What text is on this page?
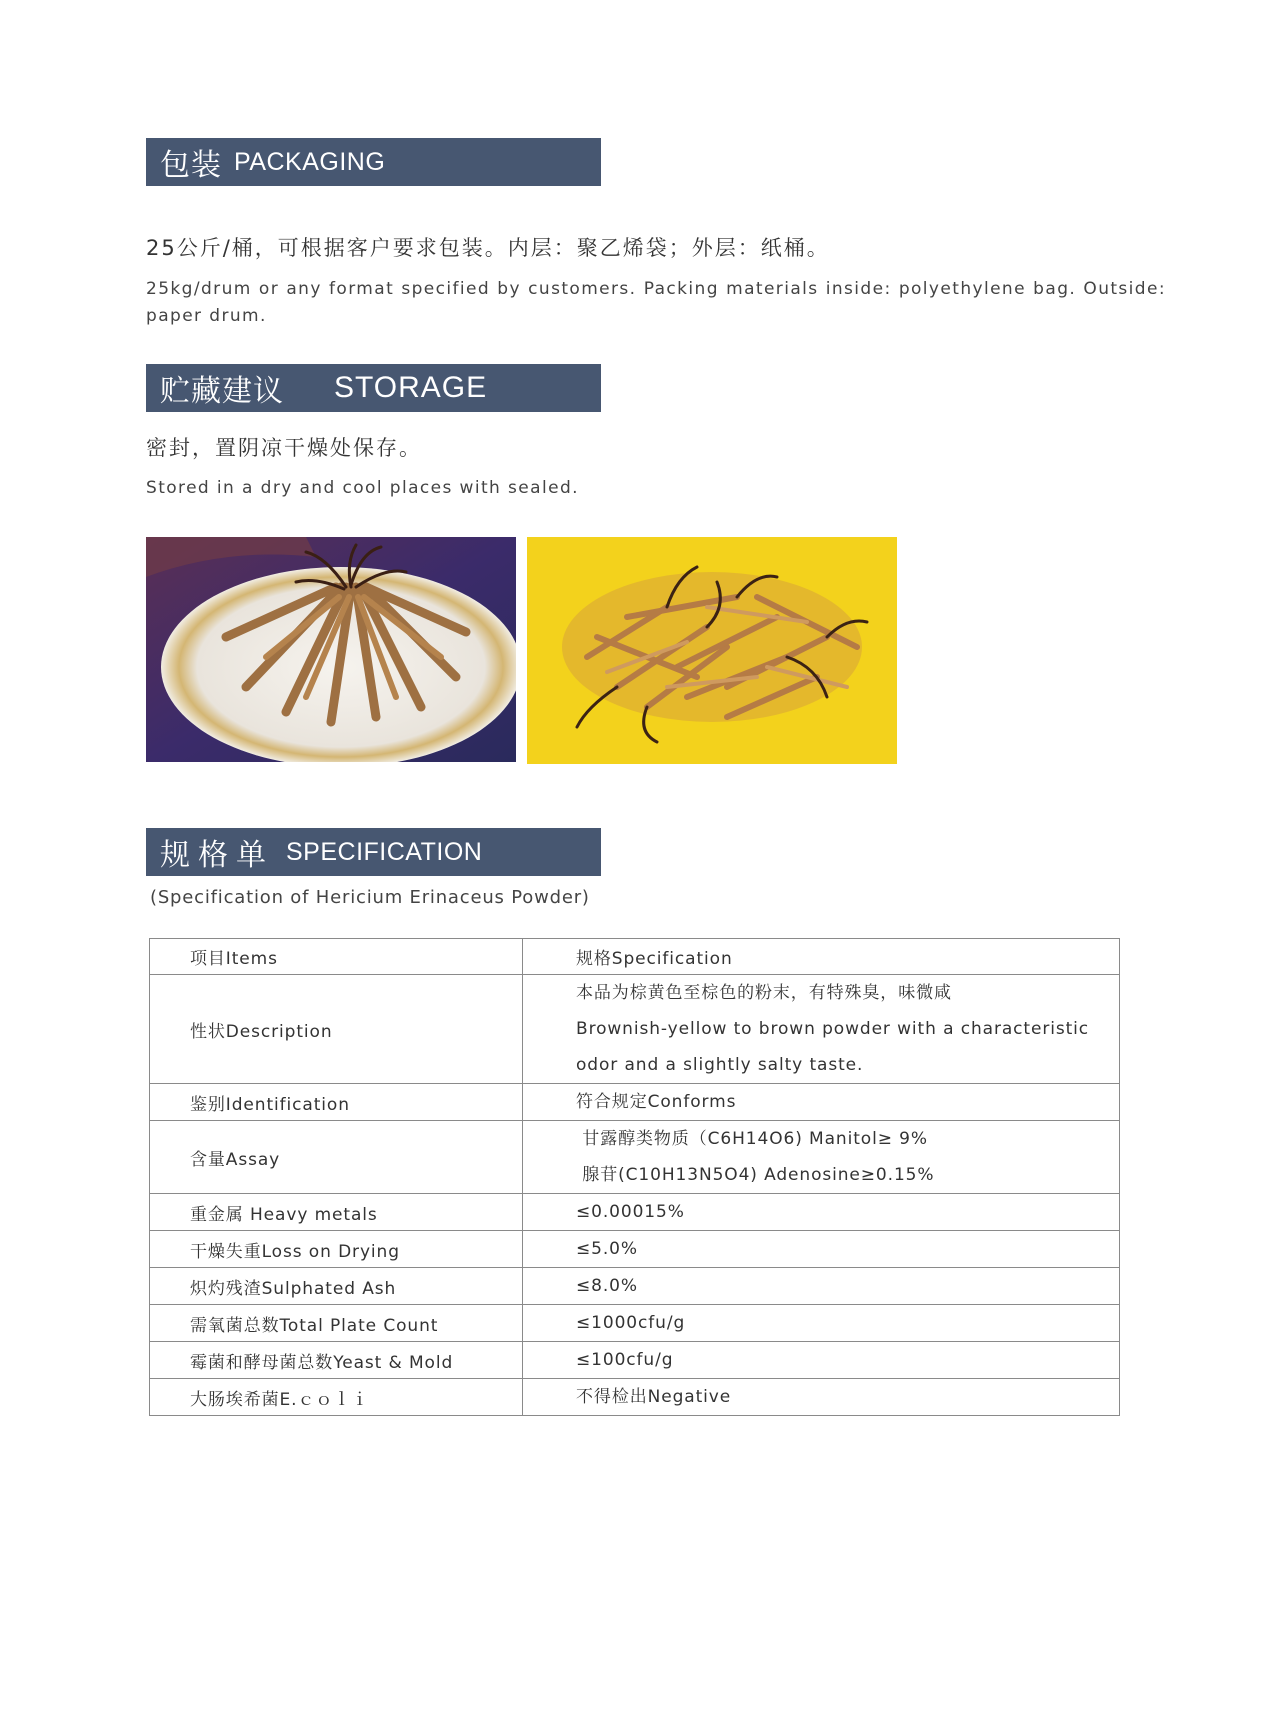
包装 PACKAGING
25公斤/桶，可根据客户要求包装。内层：聚乙烯袋；外层：纸桶。
25kg/drum or any format specified by customers. Packing materials inside: polyethylene bag. Outside: paper drum.
贮藏建议 STORAGE
密封，置阴凉干燥处保存。
Stored in a dry and cool places with sealed.
规格单 SPECIFICATION
(Specification of Hericium Erinaceus Powder)
项目Items	规格Specification
性状Description	本品为棕黄色至棕色的粉末，有特殊臭，味微咸
Brownish-yellow to brown powder with a characteristic
odor and a slightly salty taste.

鉴别Identification	符合规定Conforms

含量Assay	甘露醇类物质（C6H14O6) Manitol≥ 9%
腺苷(C10H13N5O4) Adenosine≥0.15%

重金属 Heavy metals	≤0.00015%

干燥失重Loss on Drying	≤5.0%

炽灼残渣Sulphated Ash	≤8.0%

需氧菌总数Total Plate Count	≤1000cfu/g

霉菌和酵母菌总数Yeast & Mold	≤100cfu/g

大肠埃希菌E.ｃｏｌｉ	不得检出Negative
